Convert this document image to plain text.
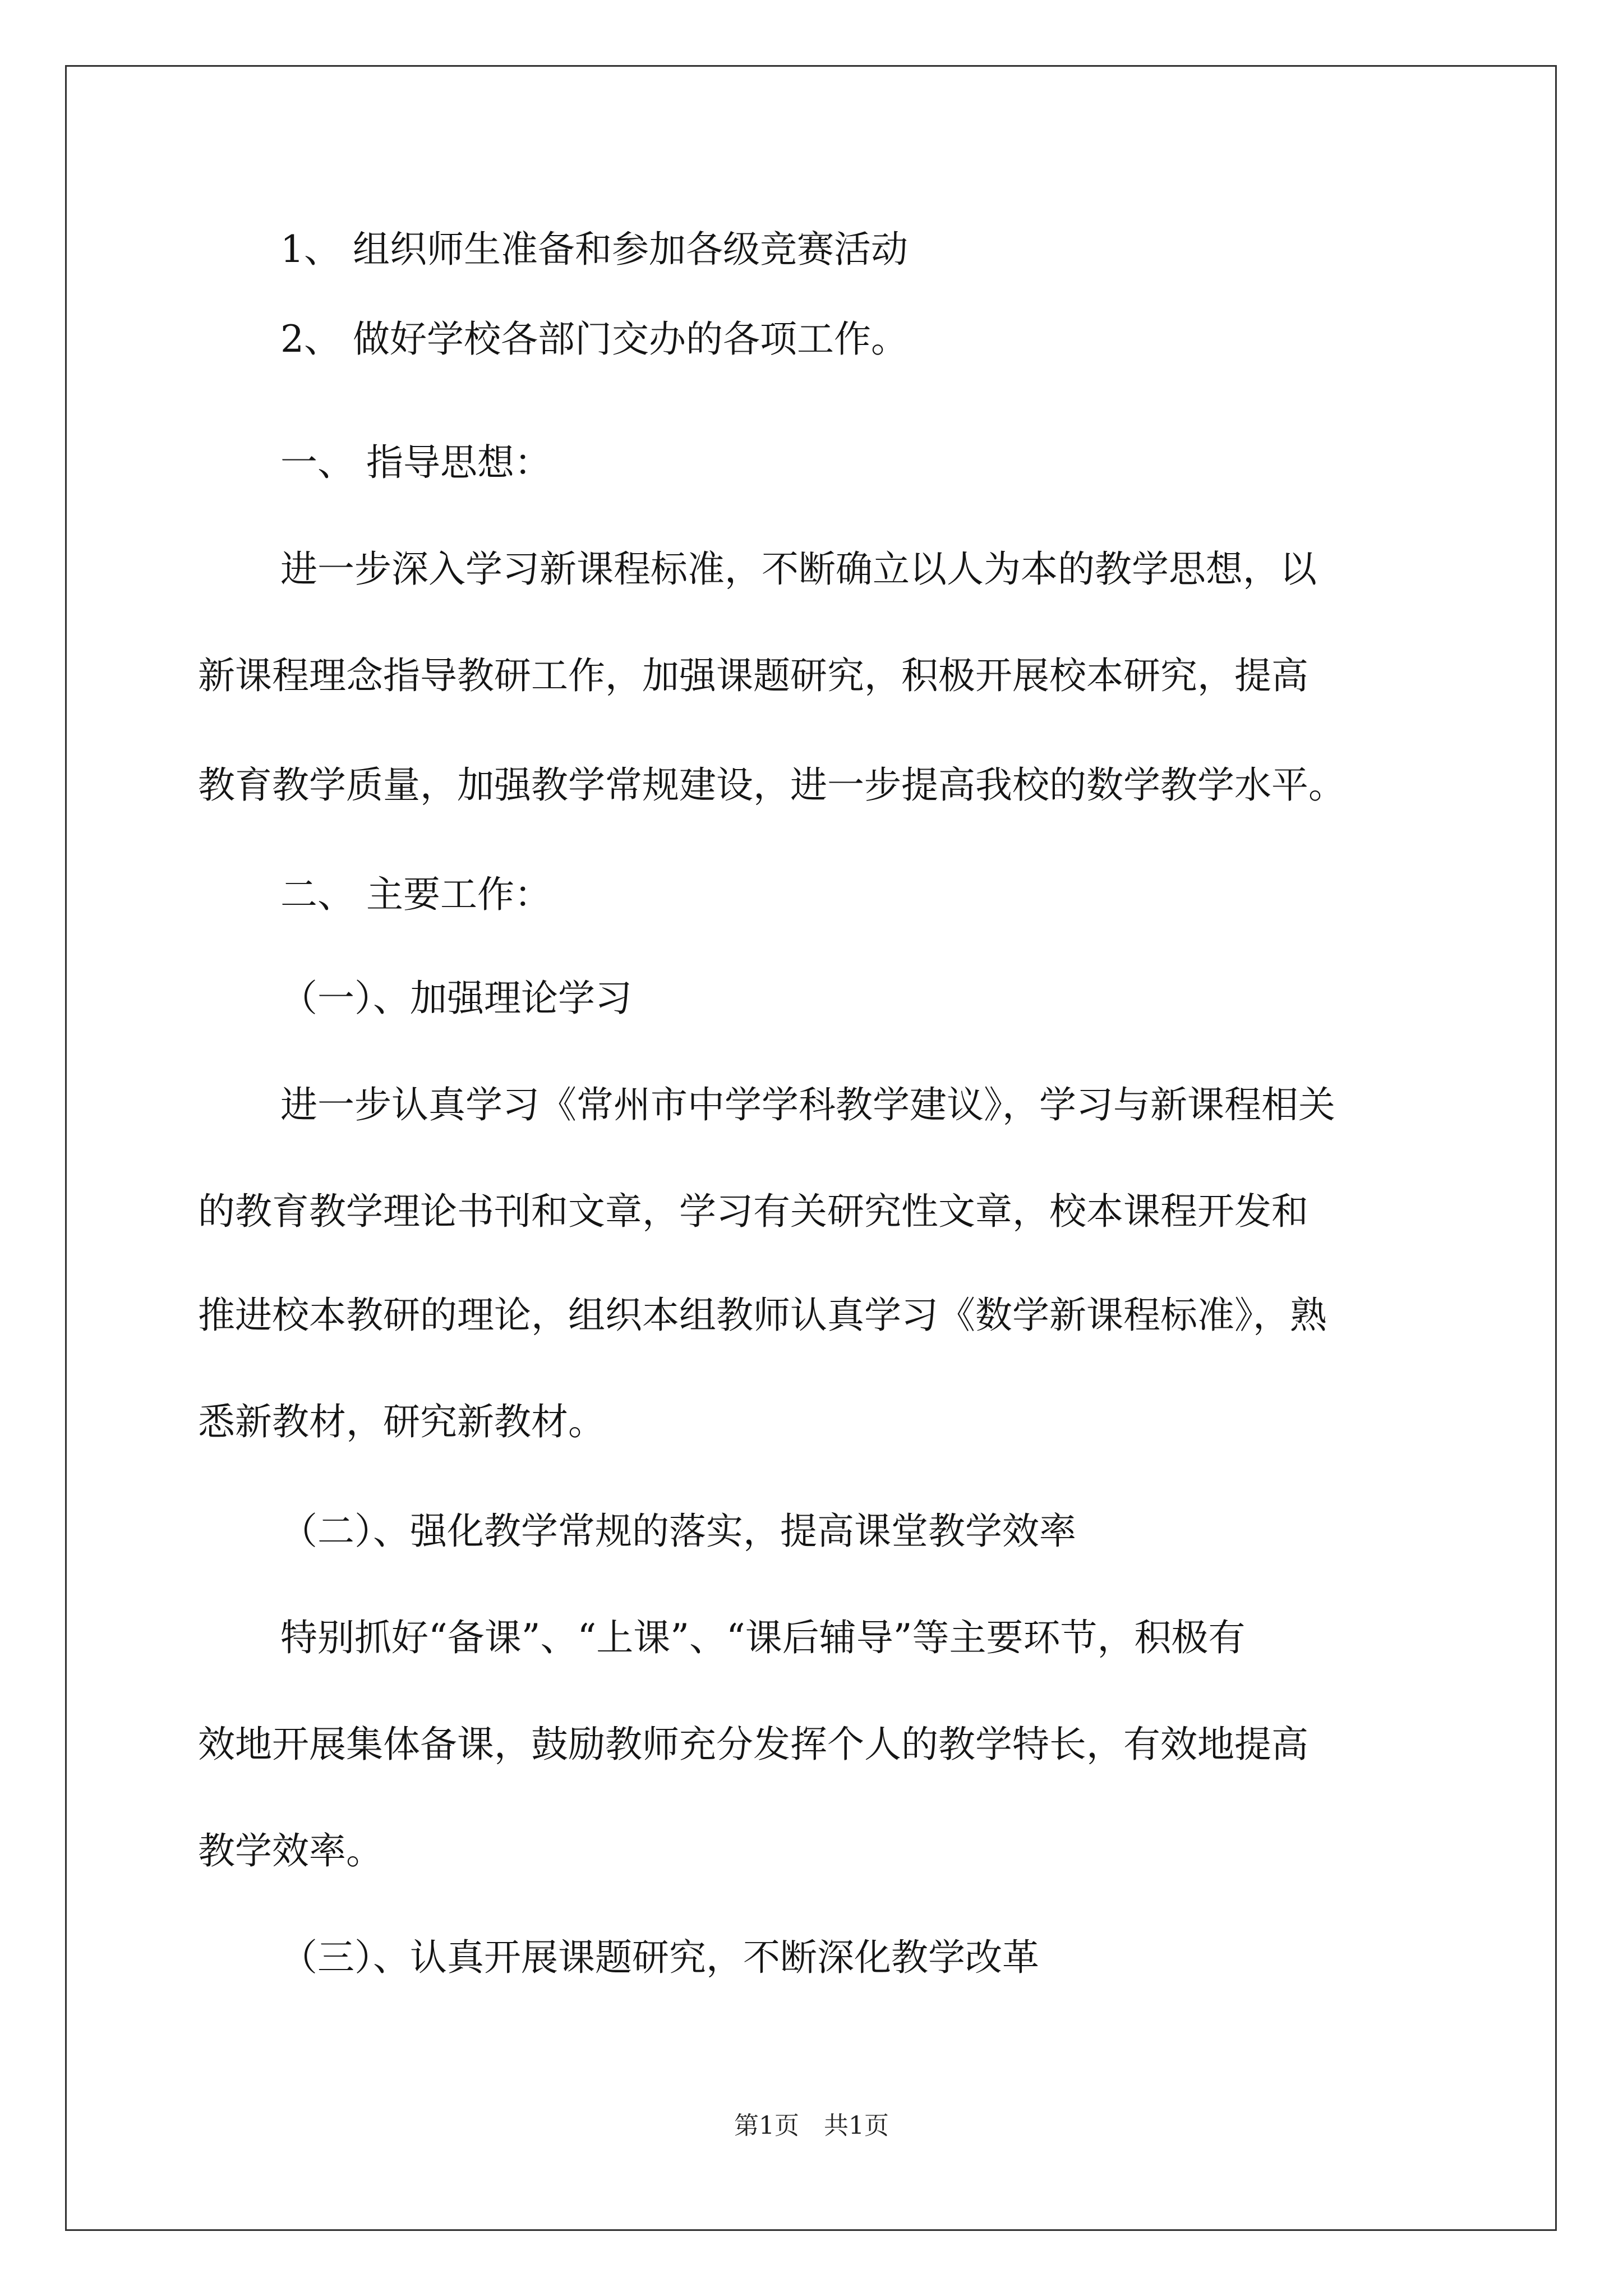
1、 组织师生准备和参加各级竞赛活动
2、 做好学校各部门交办的各项工作。
一、 指导思想：
进一步深入学习新课程标准，不断确立以人为本的教学思想，以
新课程理念指导教研工作，加强课题研究，积极开展校本研究，提高
教育教学质量，加强教学常规建设，进一步提高我校的数学教学水平。
二、 主要工作：
（一）、加强理论学习
进一步认真学习《常州市中学学科教学建议》，学习与新课程相关
的教育教学理论书刊和文章，学习有关研究性文章，校本课程开发和
推进校本教研的理论，组织本组教师认真学习《数学新课程标准》，熟
悉新教材，研究新教材。
（二）、强化教学常规的落实，提高课堂教学效率
特别抓好“备课”、“上课”、“课后辅导”等主要环节，积极有
效地开展集体备课，鼓励教师充分发挥个人的教学特长，有效地提高
教学效率。
（三）、认真开展课题研究，不断深化教学改革
第1页　共1页
